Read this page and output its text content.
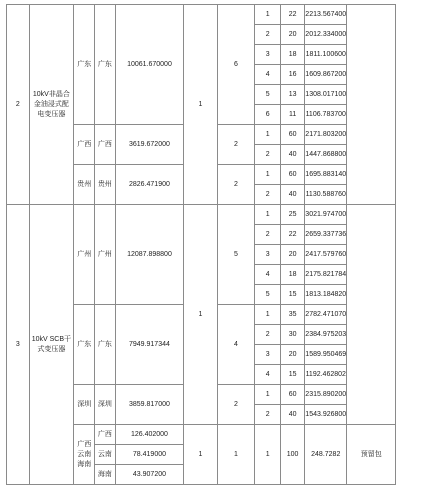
2	10kV非晶合金油浸式配电变压器	广东	广东	10061.670000	1	6	1	22	2213.567400	
							2	20	2012.334000	
							3	18	1811.100600	
							4	16	1609.867200	
							5	13	1308.017100	
							6	11	1106.783700	
		广西	广西	3619.672000		2	1	60	2171.803200	
							2	40	1447.868800	
		贵州	贵州	2826.471900		2	1	60	1695.883140	
							2	40	1130.588760	
3	10kV SCB干式变压器	广州	广州	12087.898800	1	5	1	25	3021.974700	
							2	22	2659.337736	
							3	20	2417.579760	
							4	18	2175.821784	
							5	15	1813.184820	
		广东	广东	7949.917344		4	1	35	2782.471070	
							2	30	2384.975203	
							3	20	1589.950469	
							4	15	1192.462802	
		深圳	深圳	3859.817000		2	1	60	2315.890200	
							2	40	1543.926800	
		广西云南海南	广西	126.402000	1	1	1	100	248.7282	预留包
			云南	78.419000						
			海南	43.907200						
